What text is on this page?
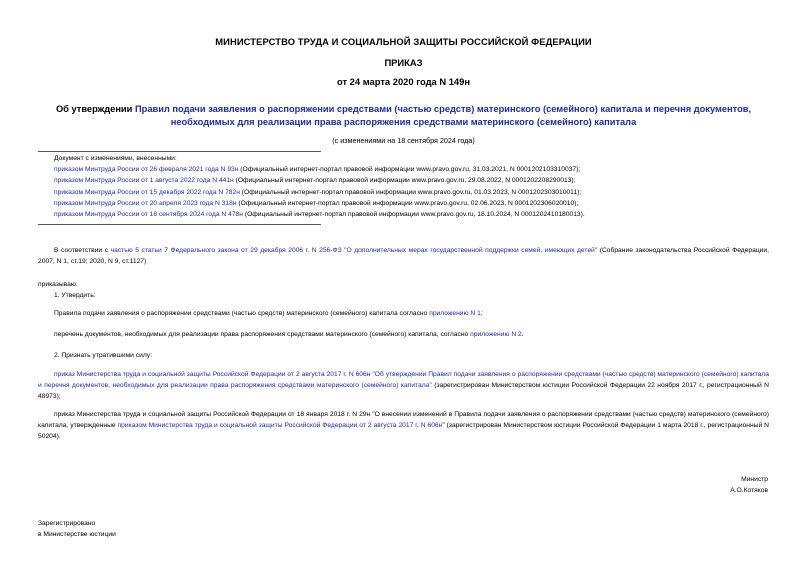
МИНИСТЕРСТВО ТРУДА И СОЦИАЛЬНОЙ ЗАЩИТЫ РОССИЙСКОЙ ФЕДЕРАЦИИ
ПРИКАЗ
от 24 марта 2020 года N 149н
Об утверждении Правил подачи заявления о распоряжении средствами (частью средств) материнского (семейного) капитала и перечня документов, необходимых для реализации права распоряжения средствами материнского (семейного) капитала
(с изменениями на 18 сентября 2024 года)
Документ с изменениями, внесенными:
приказом Минтруда России от 26 февраля 2021 года N 93н (Официальный интернет-портал правовой информации www.pravo.gov.ru, 31.03.2021, N 0001202103310037);
приказом Минтруда России от 1 августа 2022 года N 441н (Официальный интернет-портал правовой информации www.pravo.gov.ru, 29.08.2022, N 0001202208290013);
приказом Минтруда России от 15 декабря 2022 года N 782н (Официальный интернет-портал правовой информации www.pravo.gov.ru, 01.03.2023, N 0001202303010011);
приказом Минтруда России от 20 апреля 2023 года N 318н (Официальный интернет-портал правовой информации www.pravo.gov.ru, 02.06.2023, N 0001202306020010);
приказом Минтруда России от 18 сентября 2024 года N 478н (Официальный интернет-портал правовой информации www.pravo.gov.ru, 18.10.2024, N 0001202410180013).
В соответствии с частью 5 статьи 7 Федерального закона от 29 декабря 2006 г. N 256-ФЗ "О дополнительных мерах государственной поддержки семей, имеющих детей" (Собрание законодательства Российской Федерации, 2007, N 1, ст.19; 2020, N 9, ст.1127)
приказываю:
1. Утвердить:
Правила подачи заявления о распоряжении средствами (частью средств) материнского (семейного) капитала согласно приложению N 1;
перечень документов, необходимых для реализации права распоряжения средствами материнского (семейного) капитала, согласно приложению N 2.
2. Признать утратившими силу:
приказ Министерства труда и социальной защиты Российской Федерации от 2 августа 2017 г. N 606н "Об утверждении Правил подачи заявления о распоряжении средствами (частью средств) материнского (семейного) капитала и перечня документов, необходимых для реализации права распоряжения средствами материнского (семейного) капитала" (зарегистрирован Министерством юстиции Российской Федерации 22 ноября 2017 г., регистрационный N 48973);
приказ Министерства труда и социальной защиты Российской Федерации от 18 января 2018 г. N 29н "О внесении изменений в Правила подачи заявления о распоряжении средствами (частью средств) материнского (семейного) капитала, утвержденные приказом Министерства труда и социальной защиты Российской Федерации от 2 августа 2017 г. N 606н" (зарегистрирован Министерством юстиции Российской Федерации 1 марта 2018 г., регистрационный N 50204).
Министр
А.О.Котяков
Зарегистрировано
в Министерстве юстиции
